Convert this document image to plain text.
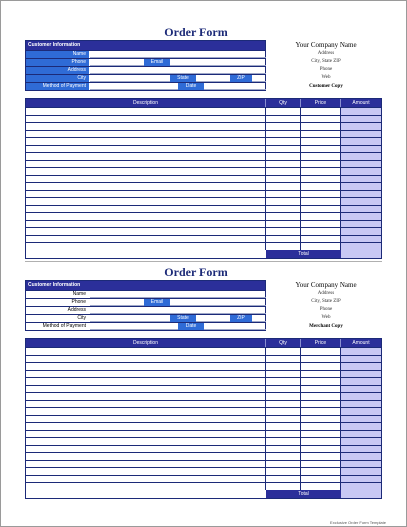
Order Form
Customer Information
Name
Phone	Email
Address
City	State	ZIP
Method of Payment	Date
Your Company Name
Address
City, State ZIP
Phone
Web
Customer Copy
Description	Qty	Price	Amount
Total
Order Form
Customer Information
Name
Phone	Email
Address
City	State	ZIP
Method of Payment	Date
Your Company Name
Address
City, State ZIP
Phone
Web
Merchant Copy
Description	Qty	Price	Amount
Total
Exclusive Order Form Template
